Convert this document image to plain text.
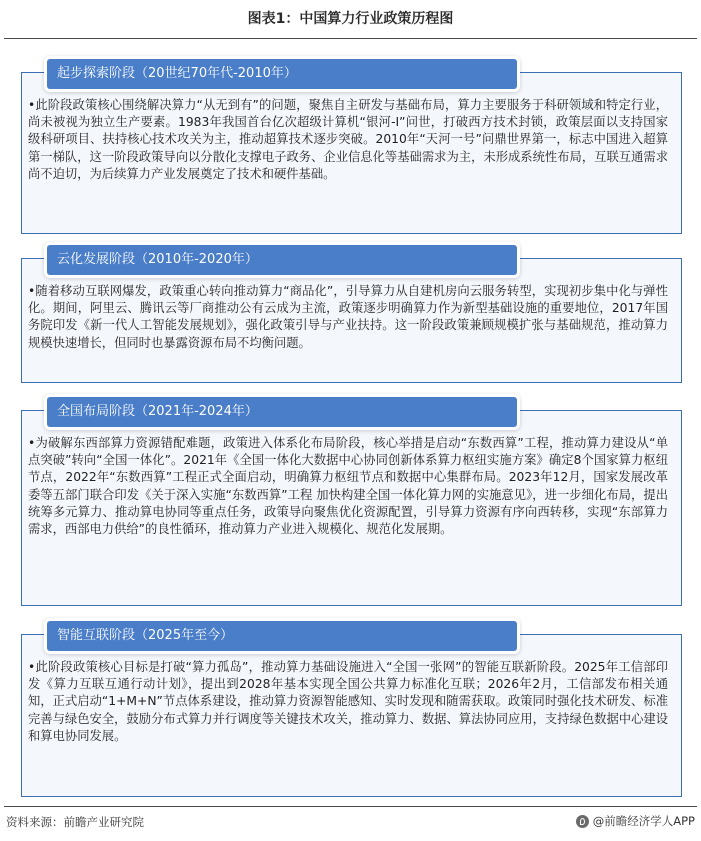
图表1：中国算力行业政策历程图
起步探索阶段（20世纪70年代-2010年）
•此阶段政策核心围绕解决算力“从无到有”的问题，聚焦自主研发与基础布局，算力主要服务于科研领域和特定行业，尚未被视为独立生产要素。1983年我国首台亿次超级计算机“银河-I”问世，打破西方技术封锁，政策层面以支持国家级科研项目、扶持核心技术攻关为主，推动超算技术逐步突破。2010年“天河一号”问鼎世界第一，标志中国进入超算第一梯队，这一阶段政策导向以分散化支撑电子政务、企业信息化等基础需求为主，未形成系统性布局，互联互通需求尚不迫切，为后续算力产业发展奠定了技术和硬件基础。
云化发展阶段（2010年-2020年）
•随着移动互联网爆发，政策重心转向推动算力“商品化”，引导算力从自建机房向云服务转型，实现初步集中化与弹性化。期间，阿里云、腾讯云等厂商推动公有云成为主流，政策逐步明确算力作为新型基础设施的重要地位，2017年国务院印发《新一代人工智能发展规划》，强化政策引导与产业扶持。这一阶段政策兼顾规模扩张与基础规范，推动算力规模快速增长，但同时也暴露资源布局不均衡问题。
全国布局阶段（2021年-2024年）
•为破解东西部算力资源错配难题，政策进入体系化布局阶段，核心举措是启动“东数西算”工程，推动算力建设从“单点突破”转向“全国一体化”。2021年《全国一体化大数据中心协同创新体系算力枢纽实施方案》确定8个国家算力枢纽节点，2022年“东数西算”工程正式全面启动，明确算力枢纽节点和数据中心集群布局。2023年12月，国家发展改革委等五部门联合印发《关于深入实施“东数西算”工程 加快构建全国一体化算力网的实施意见》，进一步细化布局，提出统筹多元算力、推动算电协同等重点任务，政策导向聚焦优化资源配置，引导算力资源有序向西转移，实现“东部算力需求，西部电力供给”的良性循环，推动算力产业进入规模化、规范化发展期。
智能互联阶段（2025年至今）
•此阶段政策核心目标是打破“算力孤岛”，推动算力基础设施进入“全国一张网”的智能互联新阶段。2025年工信部印发《算力互联互通行动计划》，提出到2028年基本实现全国公共算力标准化互联；2026年2月，工信部发布相关通知，正式启动“1+M+N”节点体系建设，推动算力资源智能感知、实时发现和随需获取。政策同时强化技术研发、标准完善与绿色安全，鼓励分布式算力并行调度等关键技术攻关，推动算力、数据、算法协同应用，支持绿色数据中心建设和算电协同发展。
资料来源：前瞻产业研究院	@前瞻经济学人APP
